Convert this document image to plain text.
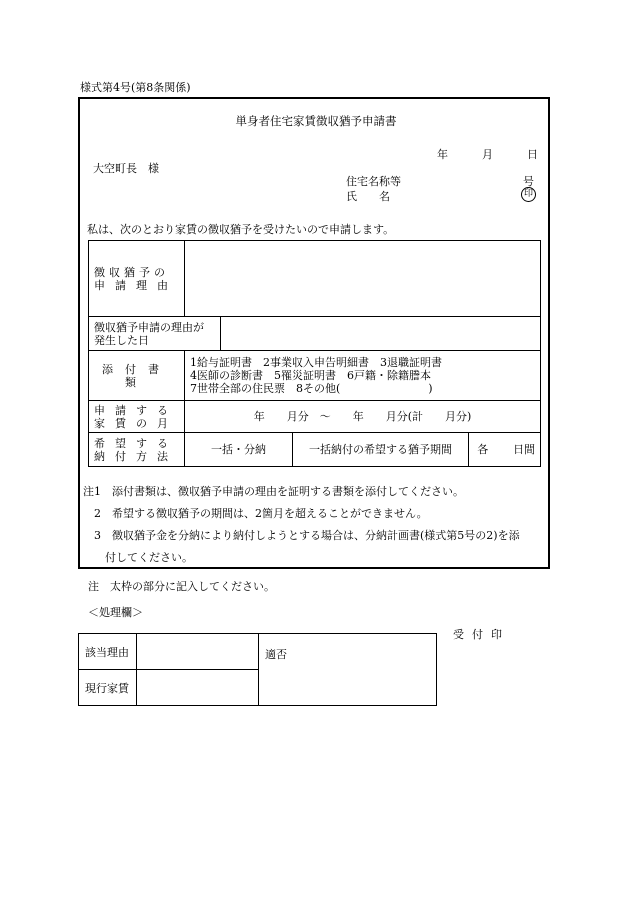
様式第4号(第8条関係)
単身者住宅家賃徴収猶予申請書
年	月	日
大空町長　様
住宅名称等	号
氏　　名	印
私は、次のとおり家賃の徴収猶予を受けたいので申請します。
徴収猶予の
申請理由					

徴収猶予申請の理由が
発生した日					

添付書類	1給与証明書　2事業収入申告明細書　3退職証明書
4医師の診断書　5罹災証明書　6戸籍・除籍謄本
7世帯全部の住民票　8その他(　　　　　　　　)				

申請する
家賃の月	年　　月分　～　　年　　月分(計　　月分)				

希望する
納付方法	一括・分納		一括納付の希望する猶予期間	各	日間
注1　添付書類は、徴収猶予申請の理由を証明する書類を添付してください。
　2　希望する徴収猶予の期間は、2箇月を超えることができません。
　3　徴収猶予金を分納により納付しようとする場合は、分納計画書(様式第5号の2)を添
　　付してください。
注　太枠の部分に記入してください。
＜処理欄＞
受付印
該当理由		適否
現行家賃		
